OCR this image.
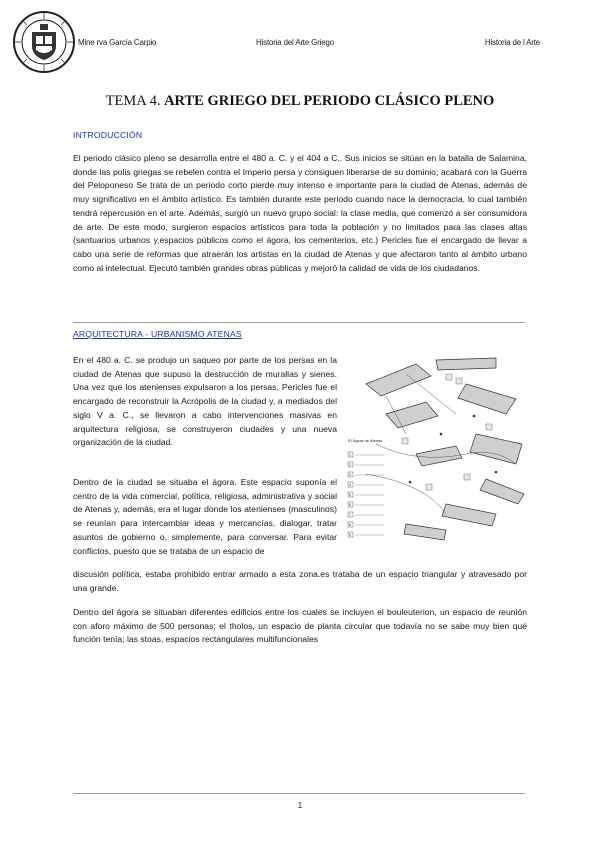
Mine rva García Carpio	Historia del Arte Griego	Historia de l Arte
TEMA 4. ARTE GRIEGO DEL PERIODO CLÁSICO PLENO
INTRODUCCIÓN

El periodo clásico pleno se desarrolla entre el 480 a. C. y el 404 a C.. Sus inicios se sitúan en la batalla de Salamina, donde las polis griegas se rebelen contra el Imperio persa y consiguen liberarse de su dominio; acabará con la Guerra del Peloponeso Se trata de un periodo corto pierde muy intenso e importante para la ciudad de Atenas, además de muy significativo en el ámbito artístico. Es también durante este periodo cuando nace la democracia, lo cual también tendrá repercusión en el arte. Además, surgió un nuevo grupo social: la clase media, que comenzó a ser consumidora de arte. De este modo, surgieron espacios artísticos para toda la población y no limitados para las clases altas (santuarios urbanos y,espacios públicos como el ágora, los cementerios, etc.) Pericles fue el encargado de llevar a cabo una serie de reformas que atraerán los artistas en la ciudad de Atenas y que afectaron tanto al ámbito urbano como al intelectual. Ejecutó también grandes obras públicas y mejoró la calidad de vida de los ciudadanos.

ARQUITECTURA - URBANISMO ATENAS

En el 480 a. C. se produjo un saqueo por parte de los persas en la ciudad de Atenas que supuso la destrucción de murallas y sienes. Una vez que los atenienses expulsaron a los persas, Pericles fue el encargado de reconstruir la Acrópolis de la ciudad y, a mediados del siglo V a. C., se llevaron a cabo intervenciones masivas en arquitectura religiosa, se construyeron ciudades y una nueva organización de la ciudad.

Dentro de la ciudad se situaba el ágora. Este espacio suponía el centro de la vida comercial, política, religiosa, administrativa y social de Atenas y, además, era el lugar donde los atenienses (masculinos) se reunían para intercambiar ideas y mercancías, dialogar, tratar asuntos de gobierno o, simplemente, para conversar. Para evitar conflictos, puesto que se trataba de un espacio de

discusión política, estaba prohibido entrar armado a esta zona.es trataba de un espacio triangular y atravesado por una grande.

Dentro del ágora se situaban diferentes edificios entre los cuales se incluyen el bouleuterion, un espacio de reunión con aforo máximo de 500 personas; el tholos, un espacio de planta circular que todavía no se sabe muy bien qué función tenía; las stoas, espacios rectangulares multifuncionales

El Ágora de Atenas
1
2
3
4
5
6
7
8
9
1
